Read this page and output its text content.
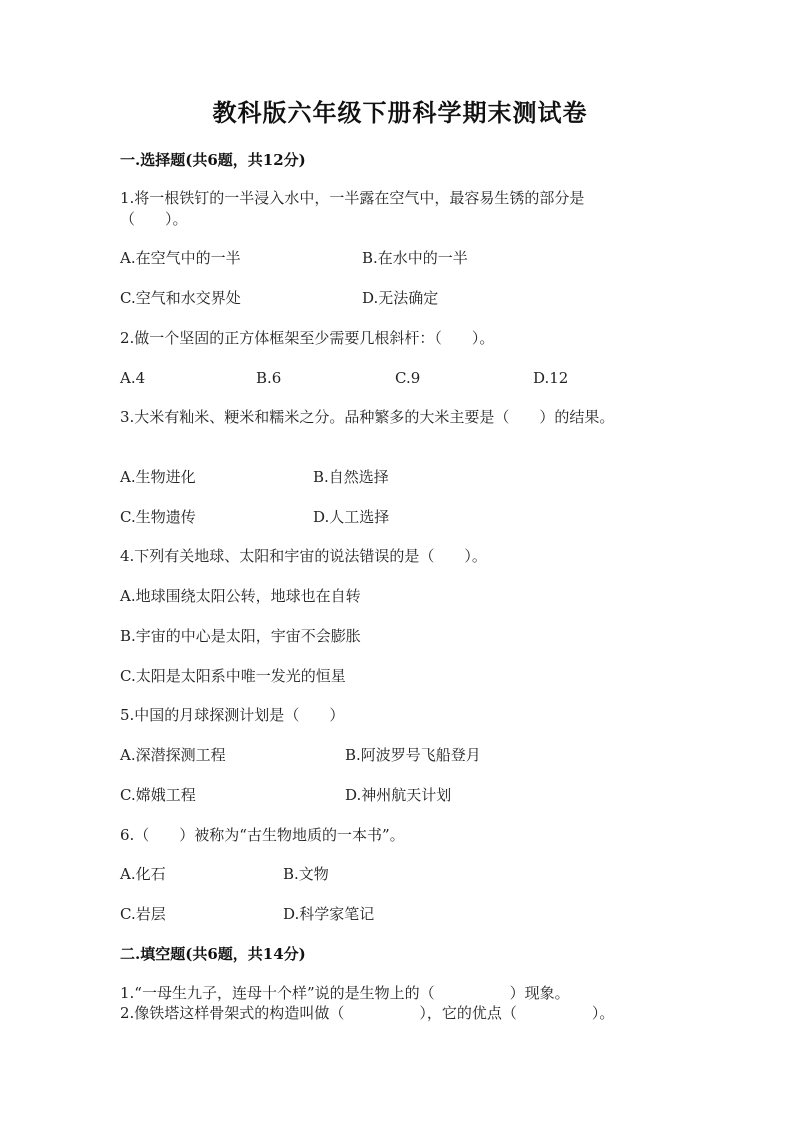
教科版六年级下册科学期末测试卷
一.选择题(共6题，共12分)
1.将一根铁钉的一半浸入水中，一半露在空气中，最容易生锈的部分是
（　　）。
A.在空气中的一半	B.在水中的一半
C.空气和水交界处	D.无法确定
2.做一个坚固的正方体框架至少需要几根斜杆：（　　）。
A.4	B.6	C.9	D.12
3.大米有籼米、粳米和糯米之分。品种繁多的大米主要是（　　）的结果。
A.生物进化	B.自然选择
C.生物遗传	D.人工选择
4.下列有关地球、太阳和宇宙的说法错误的是（　　）。
A.地球围绕太阳公转，地球也在自转
B.宇宙的中心是太阳，宇宙不会膨胀
C.太阳是太阳系中唯一发光的恒星
5.中国的月球探测计划是（　　）
A.深潜探测工程	B.阿波罗号飞船登月
C.嫦娥工程	D.神州航天计划
6.（　　）被称为“古生物地质的一本书”。
A.化石	B.文物
C.岩层	D.科学家笔记
二.填空题(共6题，共14分)
1.“一母生九子，连母十个样”说的是生物上的（　　　　　）现象。
2.像铁塔这样骨架式的构造叫做（　　　　　），它的优点（　　　　　）。
